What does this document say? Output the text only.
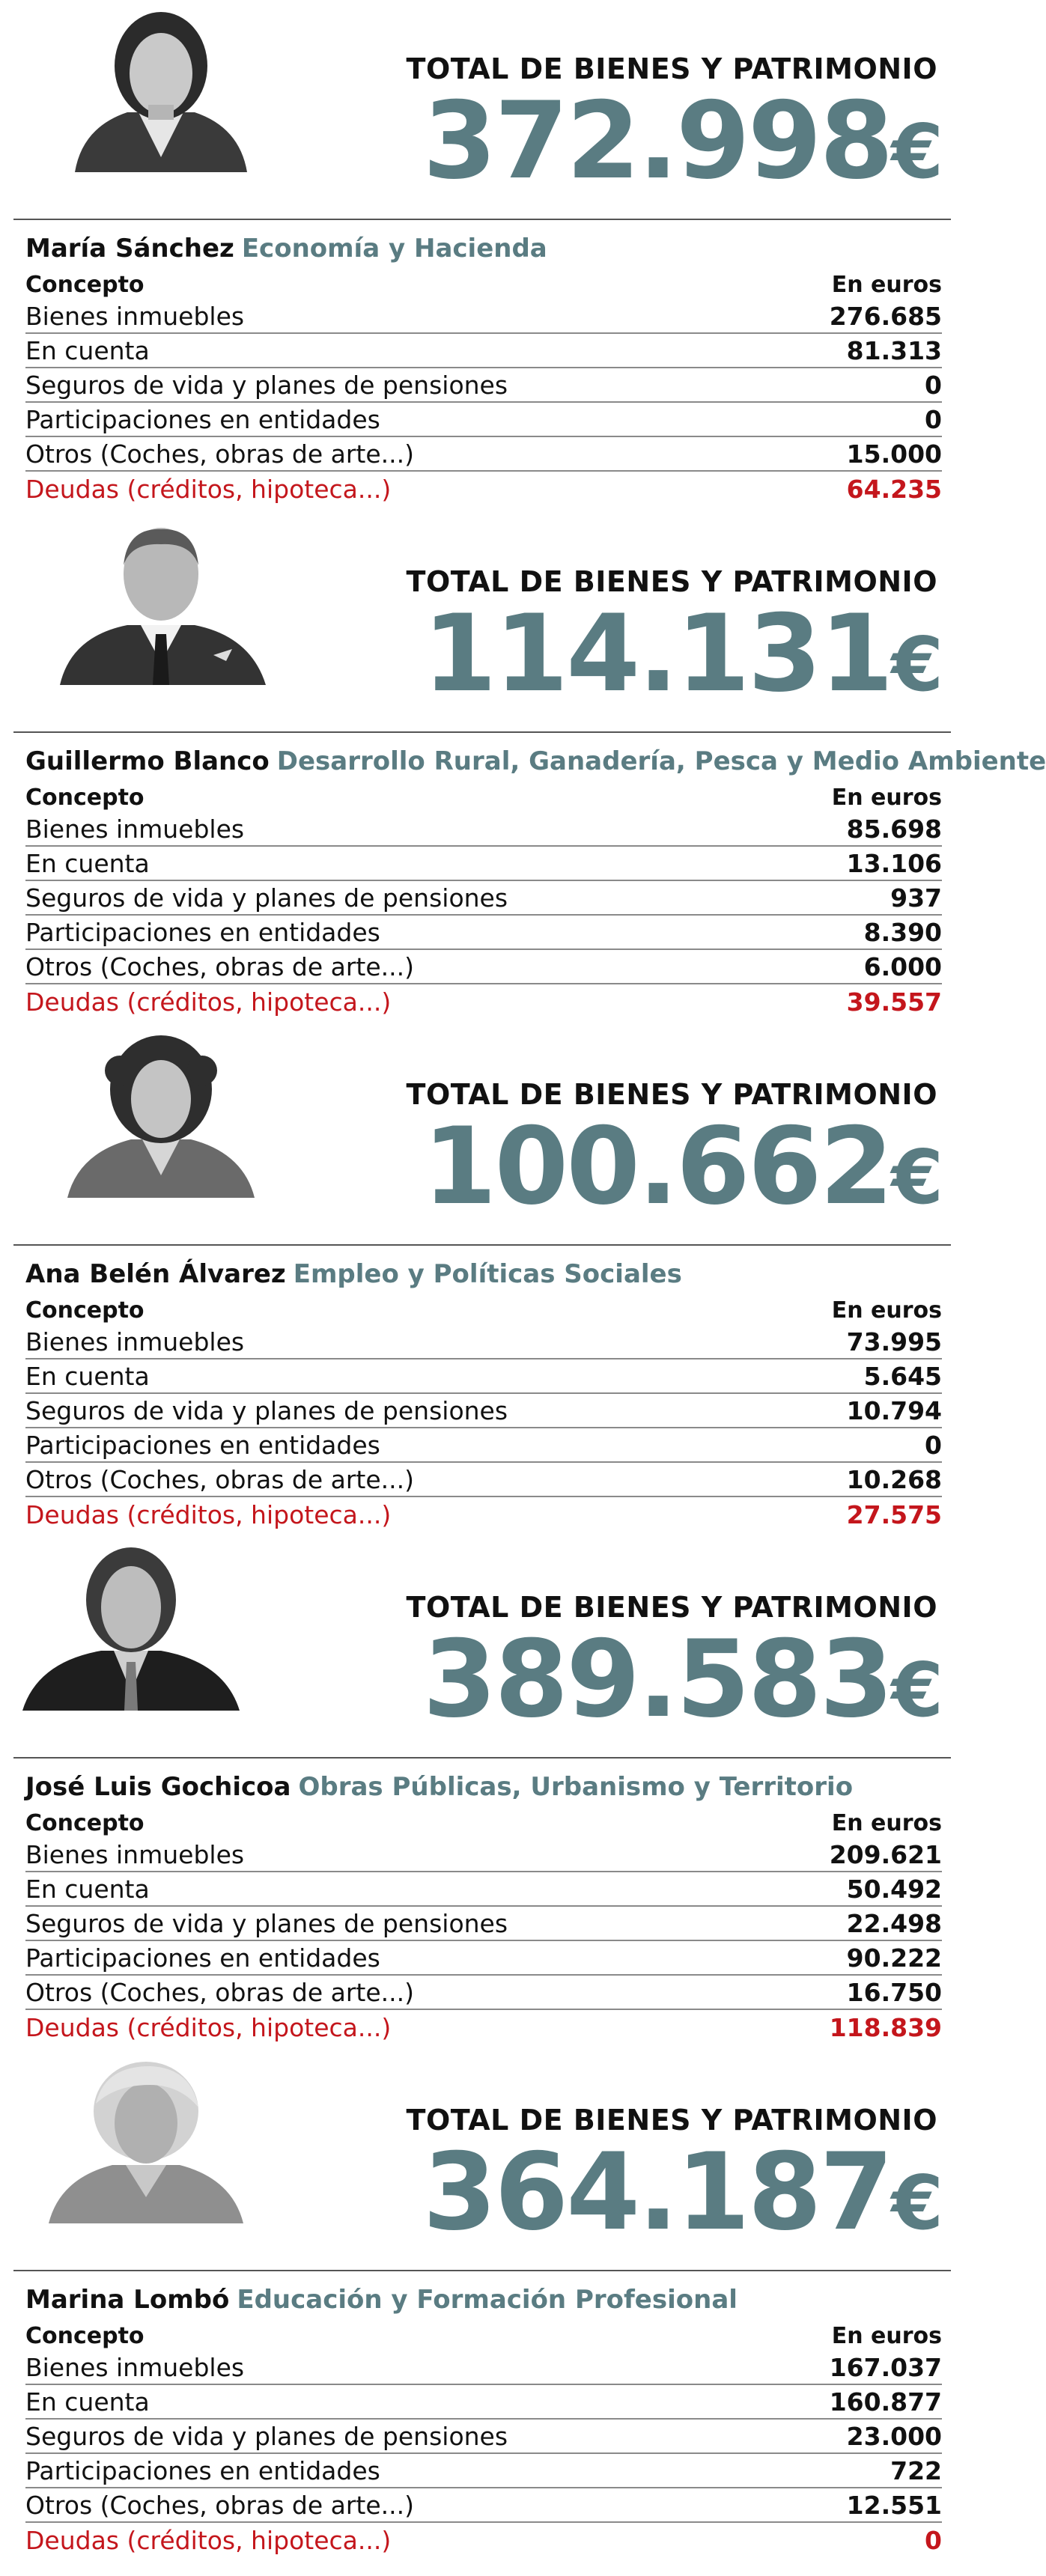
TOTAL DE BIENES Y PATRIMONIO
372.998€
María Sánchez Economía y Hacienda
Concepto	En euros
Bienes inmuebles	276.685
En cuenta	81.313
Seguros de vida y planes de pensiones	0
Participaciones en entidades	0
Otros (Coches, obras de arte...)	15.000
Deudas (créditos, hipoteca...)	64.235
TOTAL DE BIENES Y PATRIMONIO
114.131€
Guillermo Blanco Desarrollo Rural, Ganadería, Pesca y Medio Ambiente
Concepto	En euros
Bienes inmuebles	85.698
En cuenta	13.106
Seguros de vida y planes de pensiones	937
Participaciones en entidades	8.390
Otros (Coches, obras de arte...)	6.000
Deudas (créditos, hipoteca...)	39.557
TOTAL DE BIENES Y PATRIMONIO
100.662€
Ana Belén Álvarez Empleo y Políticas Sociales
Concepto	En euros
Bienes inmuebles	73.995
En cuenta	5.645
Seguros de vida y planes de pensiones	10.794
Participaciones en entidades	0
Otros (Coches, obras de arte...)	10.268
Deudas (créditos, hipoteca...)	27.575
TOTAL DE BIENES Y PATRIMONIO
389.583€
José Luis Gochicoa Obras Públicas, Urbanismo y Territorio
Concepto	En euros
Bienes inmuebles	209.621
En cuenta	50.492
Seguros de vida y planes de pensiones	22.498
Participaciones en entidades	90.222
Otros (Coches, obras de arte...)	16.750
Deudas (créditos, hipoteca...)	118.839
TOTAL DE BIENES Y PATRIMONIO
364.187€
Marina Lombó Educación y Formación Profesional
Concepto	En euros
Bienes inmuebles	167.037
En cuenta	160.877
Seguros de vida y planes de pensiones	23.000
Participaciones en entidades	722
Otros (Coches, obras de arte...)	12.551
Deudas (créditos, hipoteca...)	0
